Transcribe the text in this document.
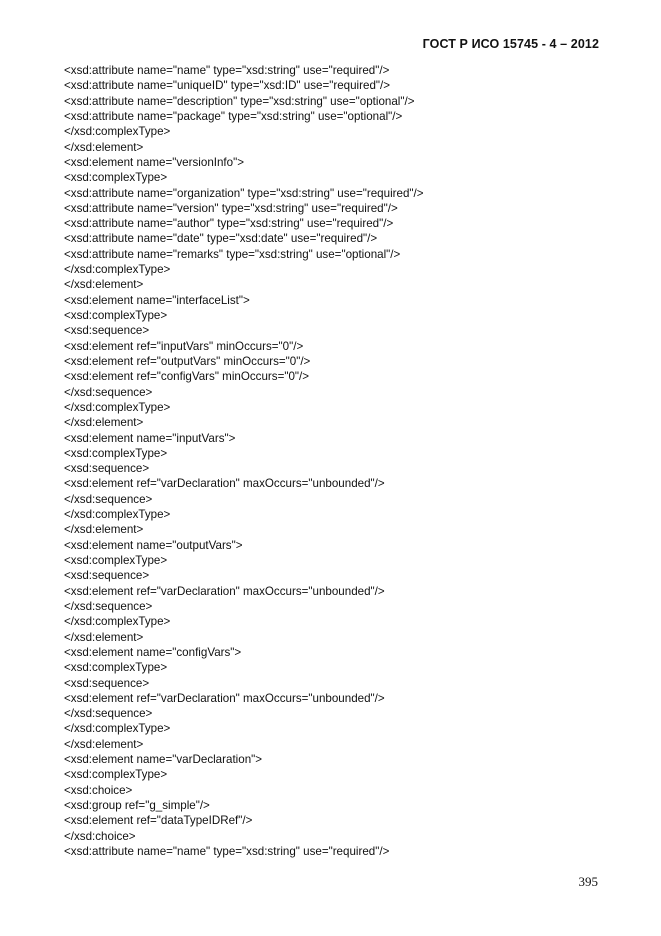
ГОСТ Р ИСО 15745 - 4 – 2012
<xsd:attribute name="name" type="xsd:string" use="required"/>
<xsd:attribute name="uniqueID" type="xsd:ID" use="required"/>
<xsd:attribute name="description" type="xsd:string" use="optional"/>
<xsd:attribute name="package" type="xsd:string" use="optional"/>
</xsd:complexType>
</xsd:element>
<xsd:element name="versionInfo">
<xsd:complexType>
<xsd:attribute name="organization" type="xsd:string" use="required"/>
<xsd:attribute name="version" type="xsd:string" use="required"/>
<xsd:attribute name="author" type="xsd:string" use="required"/>
<xsd:attribute name="date" type="xsd:date" use="required"/>
<xsd:attribute name="remarks" type="xsd:string" use="optional"/>
</xsd:complexType>
</xsd:element>
<xsd:element name="interfaceList">
<xsd:complexType>
<xsd:sequence>
<xsd:element ref="inputVars" minOccurs="0"/>
<xsd:element ref="outputVars" minOccurs="0"/>
<xsd:element ref="configVars" minOccurs="0"/>
</xsd:sequence>
</xsd:complexType>
</xsd:element>
<xsd:element name="inputVars">
<xsd:complexType>
<xsd:sequence>
<xsd:element ref="varDeclaration" maxOccurs="unbounded"/>
</xsd:sequence>
</xsd:complexType>
</xsd:element>
<xsd:element name="outputVars">
<xsd:complexType>
<xsd:sequence>
<xsd:element ref="varDeclaration" maxOccurs="unbounded"/>
</xsd:sequence>
</xsd:complexType>
</xsd:element>
<xsd:element name="configVars">
<xsd:complexType>
<xsd:sequence>
<xsd:element ref="varDeclaration" maxOccurs="unbounded"/>
</xsd:sequence>
</xsd:complexType>
</xsd:element>
<xsd:element name="varDeclaration">
<xsd:complexType>
<xsd:choice>
<xsd:group ref="g_simple"/>
<xsd:element ref="dataTypeIDRef"/>
</xsd:choice>
<xsd:attribute name="name" type="xsd:string" use="required"/>
395
